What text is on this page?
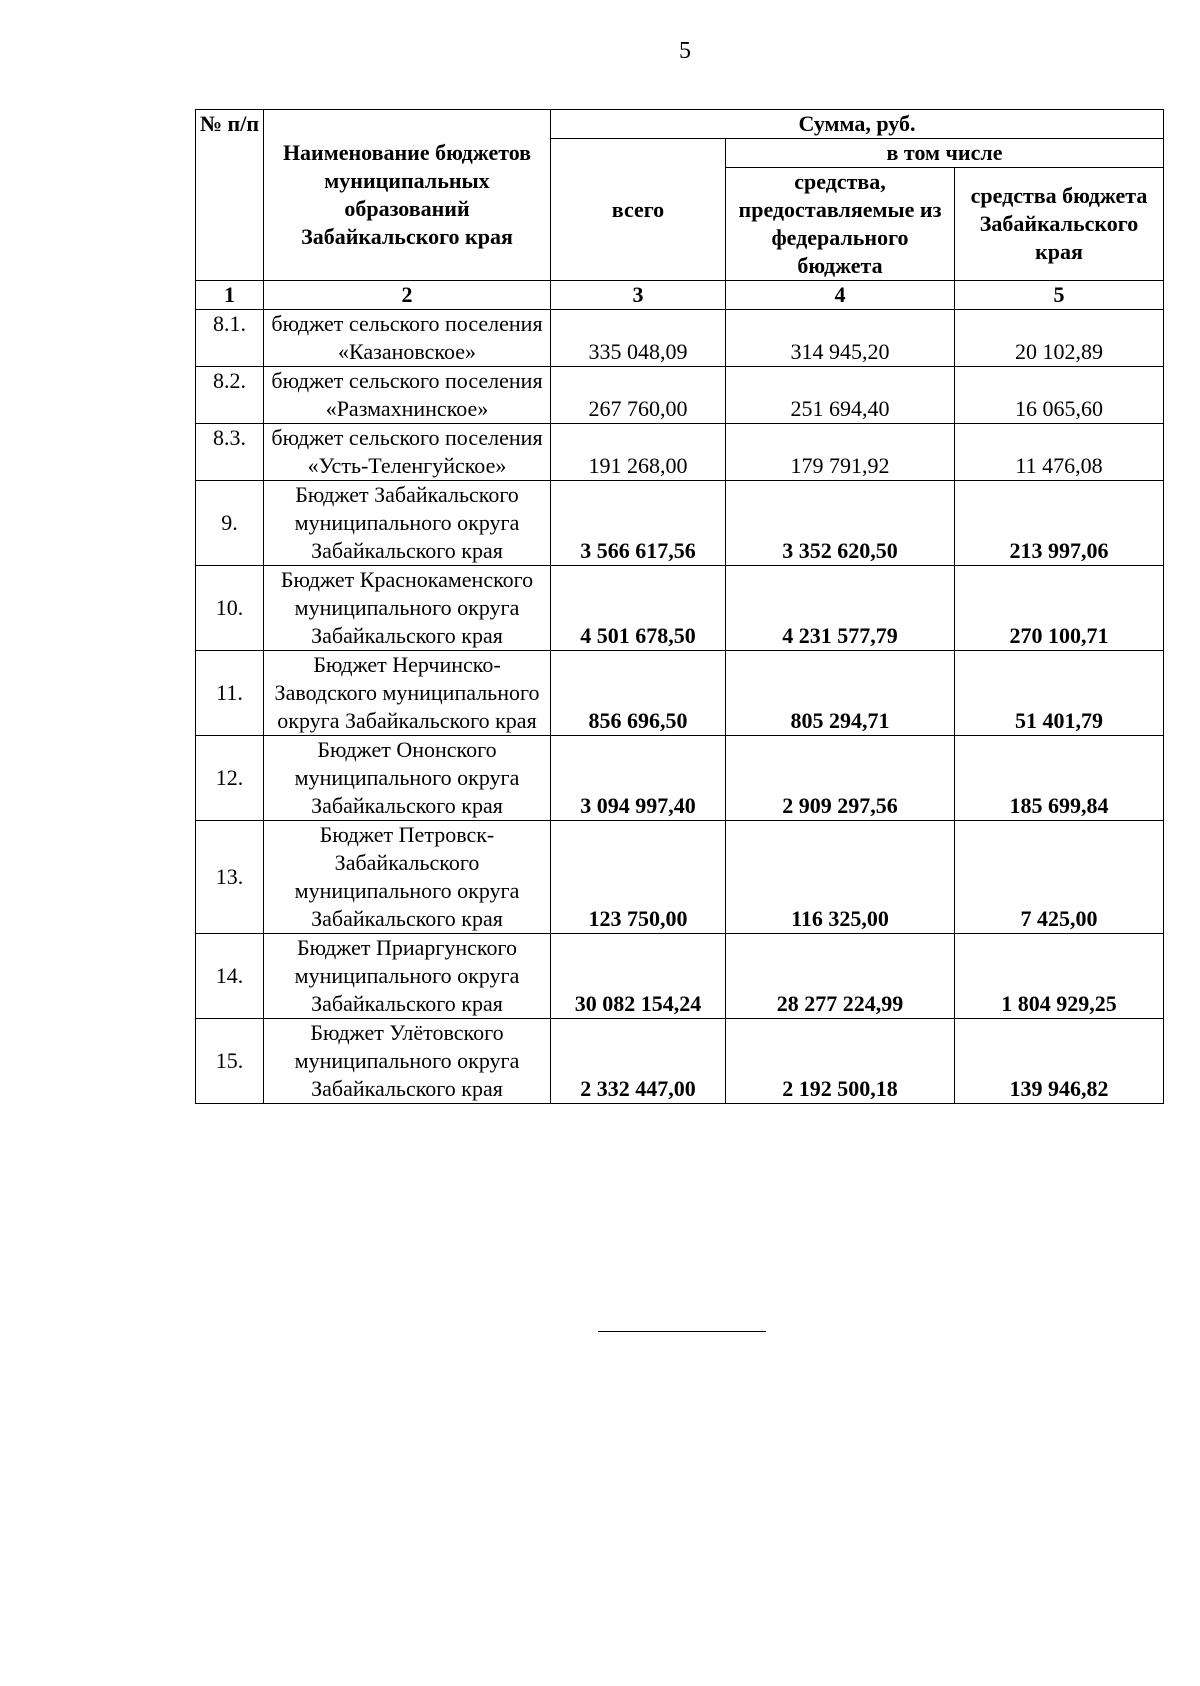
5
№ п/п	Наименование бюджетов муниципальных образований Забайкальского края	Сумма, руб.		
		всего	в том числе	
			средства, предоставляемые из федерального бюджета	средства бюджета Забайкальского края
1	2	3	4	5
8.1.	бюджет сельского поселения «Казановское»	335 048,09	314 945,20	20 102,89
8.2.	бюджет сельского поселения «Размахнинское»	267 760,00	251 694,40	16 065,60
8.3.	бюджет сельского поселения «Усть-Теленгуйское»	191 268,00	179 791,92	11 476,08
9.	Бюджет Забайкальского муниципального округа Забайкальского края	3 566 617,56	3 352 620,50	213 997,06
10.	Бюджет Краснокаменского муниципального округа Забайкальского края	4 501 678,50	4 231 577,79	270 100,71
11.	Бюджет Нерчинско-Заводского муниципального округа Забайкальского края	856 696,50	805 294,71	51 401,79
12.	Бюджет Ононского муниципального округа Забайкальского края	3 094 997,40	2 909 297,56	185 699,84
13.	Бюджет Петровск-Забайкальского муниципального округа Забайкальского края	123 750,00	116 325,00	7 425,00
14.	Бюджет Приаргунского муниципального округа Забайкальского края	30 082 154,24	28 277 224,99	1 804 929,25
15.	Бюджет Улётовского муниципального округа Забайкальского края	2 332 447,00	2 192 500,18	139 946,82
